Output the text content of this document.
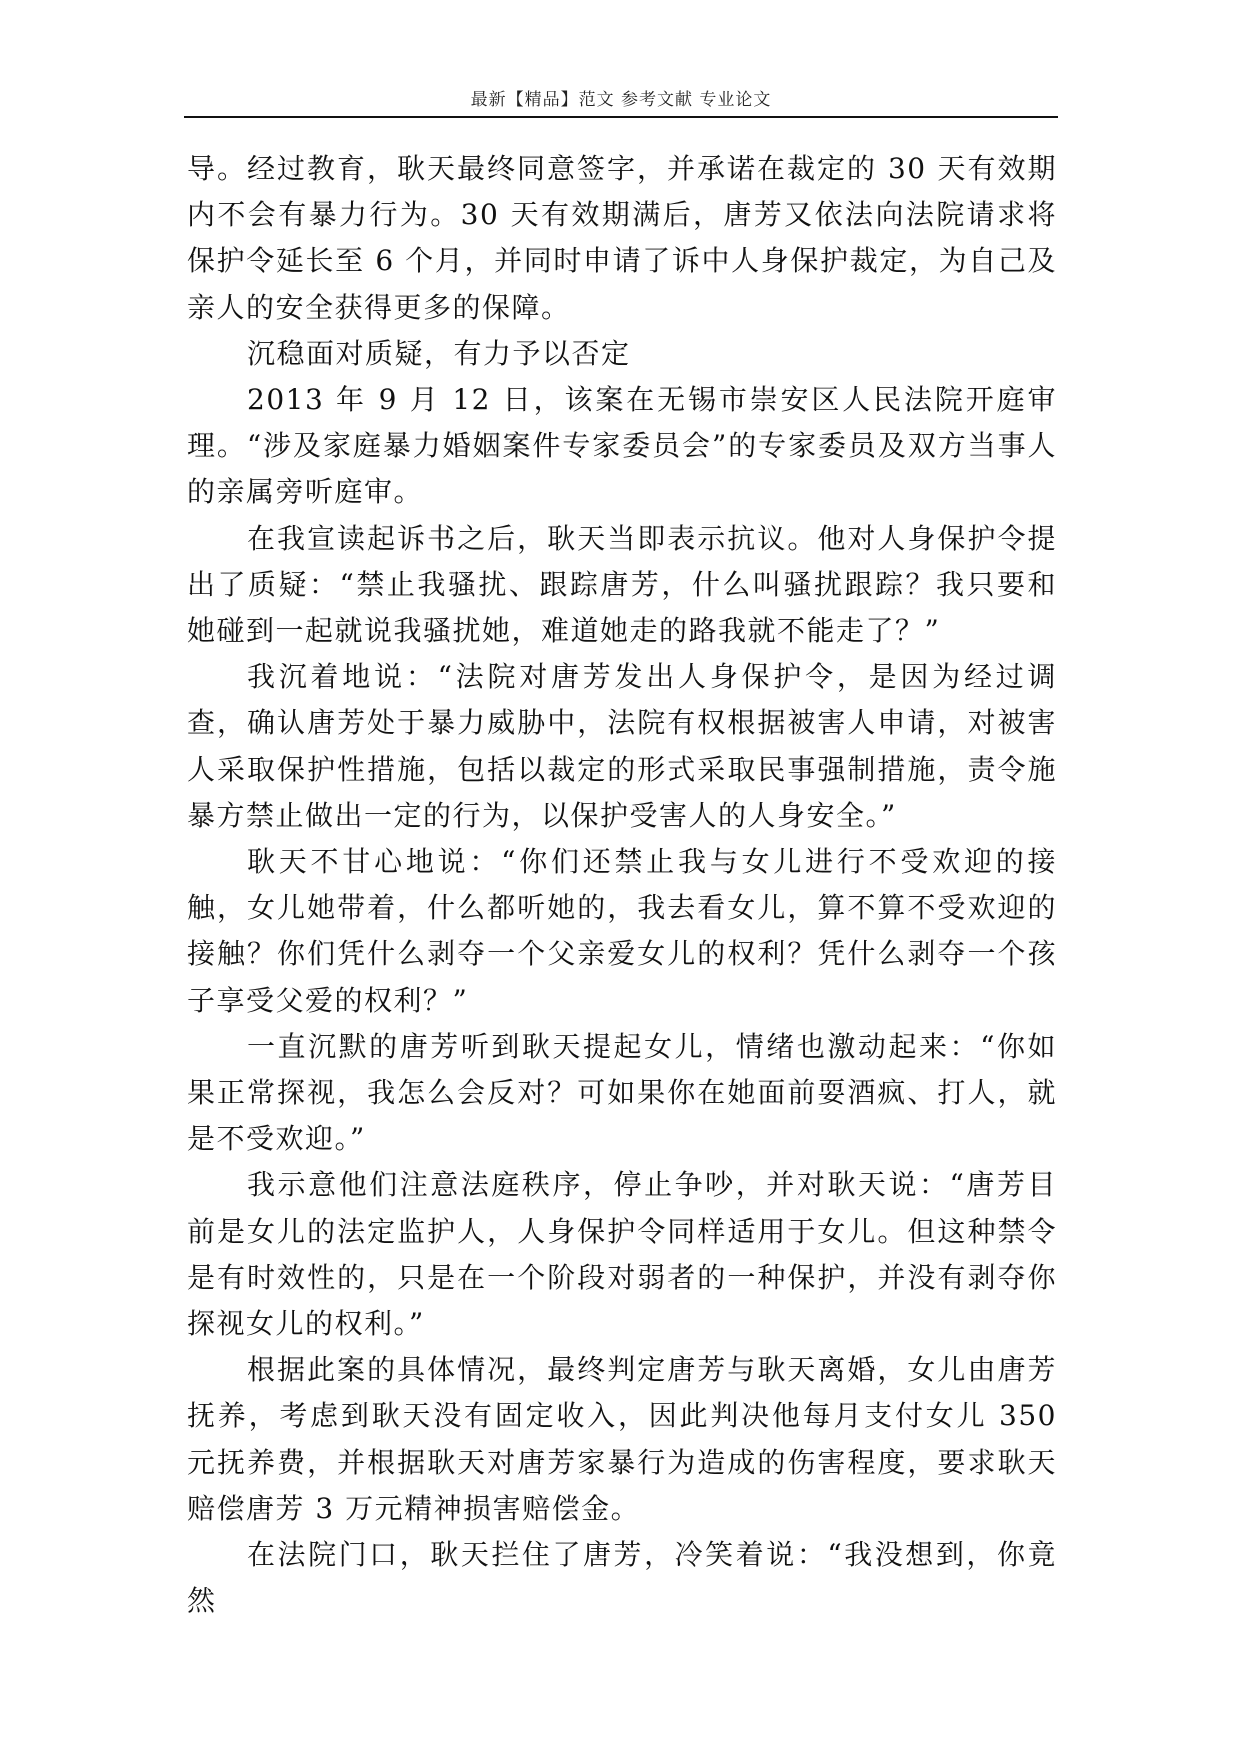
最新【精品】范文 参考文献 专业论文

导。经过教育，耿天最终同意签字，并承诺在裁定的 30 天有效期内不会有暴力行为。30 天有效期满后，唐芳又依法向法院请求将保护令延长至 6 个月，并同时申请了诉中人身保护裁定，为自己及亲人的安全获得更多的保障。

沉稳面对质疑，有力予以否定

2013 年 9 月 12 日，该案在无锡市崇安区人民法院开庭审理。“涉及家庭暴力婚姻案件专家委员会”的专家委员及双方当事人的亲属旁听庭审。

在我宣读起诉书之后，耿天当即表示抗议。他对人身保护令提出了质疑：“禁止我骚扰、跟踪唐芳，什么叫骚扰跟踪？我只要和她碰到一起就说我骚扰她，难道她走的路我就不能走了？”

我沉着地说：“法院对唐芳发出人身保护令，是因为经过调查，确认唐芳处于暴力威胁中，法院有权根据被害人申请，对被害人采取保护性措施，包括以裁定的形式采取民事强制措施，责令施暴方禁止做出一定的行为，以保护受害人的人身安全。”

耿天不甘心地说：“你们还禁止我与女儿进行不受欢迎的接触，女儿她带着，什么都听她的，我去看女儿，算不算不受欢迎的接触？你们凭什么剥夺一个父亲爱女儿的权利？凭什么剥夺一个孩子享受父爱的权利？”

一直沉默的唐芳听到耿天提起女儿，情绪也激动起来：“你如果正常探视，我怎么会反对？可如果你在她面前耍酒疯、打人，就是不受欢迎。”

我示意他们注意法庭秩序，停止争吵，并对耿天说：“唐芳目前是女儿的法定监护人，人身保护令同样适用于女儿。但这种禁令是有时效性的，只是在一个阶段对弱者的一种保护，并没有剥夺你探视女儿的权利。”

根据此案的具体情况，最终判定唐芳与耿天离婚，女儿由唐芳抚养，考虑到耿天没有固定收入，因此判决他每月支付女儿 350 元抚养费，并根据耿天对唐芳家暴行为造成的伤害程度，要求耿天赔偿唐芳 3 万元精神损害赔偿金。

在法院门口，耿天拦住了唐芳，冷笑着说：“我没想到，你竟然
